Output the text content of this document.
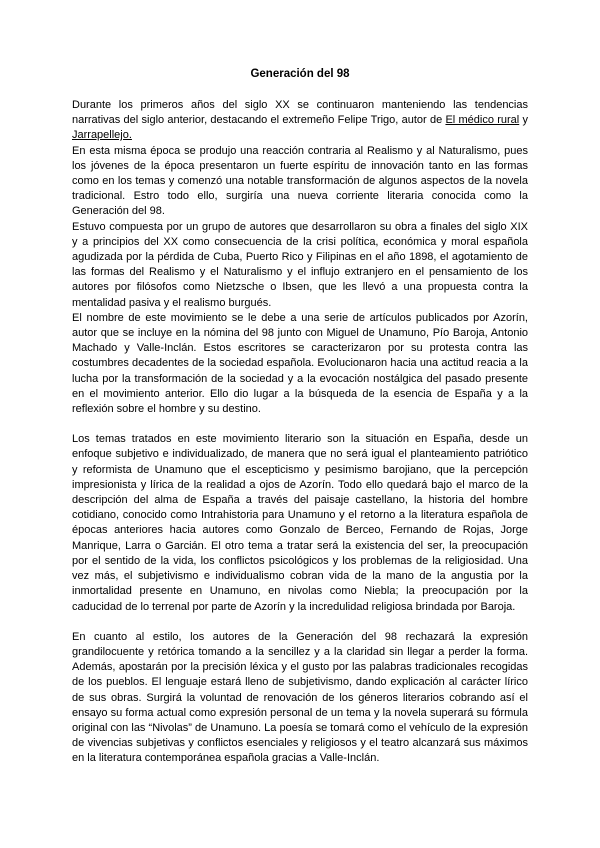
Generación del 98

Durante los primeros años del siglo XX se continuaron manteniendo las tendencias narrativas del siglo anterior, destacando el extremeño Felipe Trigo, autor de El médico rural y Jarrapellejo.

En esta misma época se produjo una reacción contraria al Realismo y al Naturalismo, pues los jóvenes de la época presentaron un fuerte espíritu de innovación tanto en las formas como en los temas y comenzó una notable transformación de algunos aspectos de la novela tradicional. Estro todo ello, surgiría una nueva corriente literaria conocida como la Generación del 98.

Estuvo compuesta por un grupo de autores que desarrollaron su obra a finales del siglo XIX y a principios del XX como consecuencia de la crisi política, económica y moral española agudizada por la pérdida de Cuba, Puerto Rico y Filipinas en el año 1898, el agotamiento de las formas del Realismo y el Naturalismo y el influjo extranjero en el pensamiento de los autores por filósofos como Nietzsche o Ibsen, que les llevó a una propuesta contra la mentalidad pasiva y el realismo burgués.

El nombre de este movimiento se le debe a una serie de artículos publicados por Azorín, autor que se incluye en la nómina del 98 junto con Miguel de Unamuno, Pío Baroja, Antonio Machado y Valle-Inclán. Estos escritores se caracterizaron por su protesta contra las costumbres decadentes de la sociedad española. Evolucionaron hacia una actitud reacia a la lucha por la transformación de la sociedad y a la evocación nostálgica del pasado presente en el movimiento anterior. Ello dio lugar a la búsqueda de la esencia de España y a la reflexión sobre el hombre y su destino.

Los temas tratados en este movimiento literario son la situación en España, desde un enfoque subjetivo e individualizado, de manera que no será igual el planteamiento patriótico y reformista de Unamuno que el escepticismo y pesimismo barojiano, que la percepción impresionista y lírica de la realidad a ojos de Azorín. Todo ello quedará bajo el marco de la descripción del alma de España a través del paisaje castellano, la historia del hombre cotidiano, conocido como Intrahistoria para Unamuno y el retorno a la literatura española de épocas anteriores hacia autores como Gonzalo de Berceo, Fernando de Rojas, Jorge Manrique, Larra o Garcián. El otro tema a tratar será la existencia del ser, la preocupación por el sentido de la vida, los conflictos psicológicos y los problemas de la religiosidad. Una vez más, el subjetivismo e individualismo cobran vida de la mano de la angustia por la inmortalidad presente en Unamuno, en nivolas como Niebla; la preocupación por la caducidad de lo terrenal por parte de Azorín y la incredulidad religiosa brindada por Baroja.

En cuanto al estilo, los autores de la Generación del 98 rechazará la expresión grandilocuente y retórica tomando a la sencillez y a la claridad sin llegar a perder la forma. Además, apostarán por la precisión léxica y el gusto por las palabras tradicionales recogidas de los pueblos. El lenguaje estará lleno de subjetivismo, dando explicación al carácter lírico de sus obras. Surgirá la voluntad de renovación de los géneros literarios cobrando así el ensayo su forma actual como expresión personal de un tema y la novela superará su fórmula original con las “Nivolas” de Unamuno. La poesía se tomará como el vehículo de la expresión de vivencias subjetivas y conflictos esenciales y religiosos y el teatro alcanzará sus máximos en la literatura contemporánea española gracias a Valle-Inclán.
